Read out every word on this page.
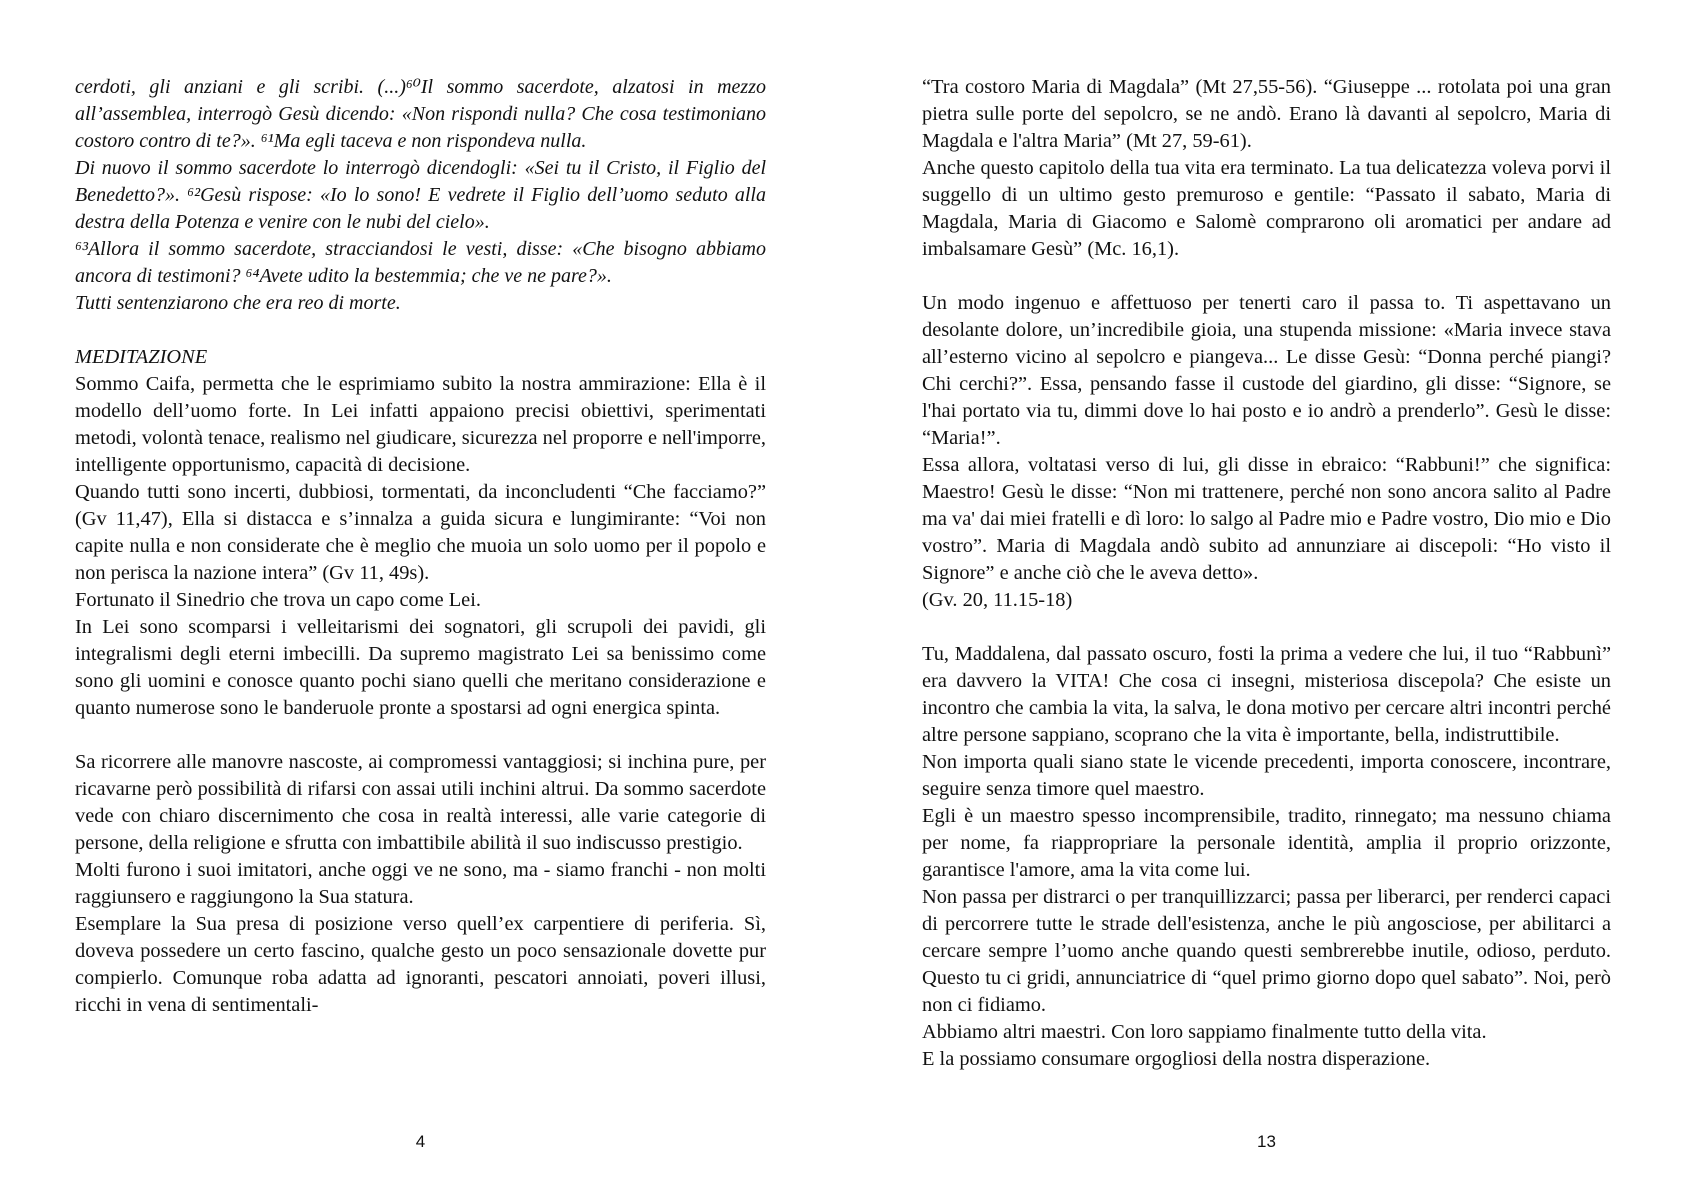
cerdoti, gli anziani e gli scribi. (...)⁶⁰Il sommo sacerdote, alzatosi in mezzo all’assemblea, interrogò Gesù dicendo: «Non rispondi nulla? Che cosa testimoniano costoro contro di te?». ⁶¹Ma egli taceva e non rispondeva nulla.

Di nuovo il sommo sacerdote lo interrogò dicendogli: «Sei tu il Cristo, il Figlio del Benedetto?». ⁶²Gesù rispose: «Io lo sono! E vedrete il Figlio dell’uomo seduto alla destra della Potenza e venire con le nubi del cielo».

⁶³Allora il sommo sacerdote, stracciandosi le vesti, disse: «Che bisogno abbiamo ancora di testimoni? ⁶⁴Avete udito la bestemmia; che ve ne pare?».

Tutti sentenziarono che era reo di morte.

MEDITAZIONE

Sommo Caifa, permetta che le esprimiamo subito la nostra ammirazione: Ella è il modello dell’uomo forte. In Lei infatti appaiono precisi obiettivi, sperimentati metodi, volontà tenace, realismo nel giudicare, sicurezza nel proporre e nell'imporre, intelligente opportunismo, capacità di decisione.

Quando tutti sono incerti, dubbiosi, tormentati, da inconcludenti “Che facciamo?” (Gv 11,47), Ella si distacca e s’innalza a guida sicura e lungimirante: “Voi non capite nulla e non considerate che è meglio che muoia un solo uomo per il popolo e non perisca la nazione intera” (Gv 11, 49s).

Fortunato il Sinedrio che trova un capo come Lei.

In Lei sono scomparsi i velleitarismi dei sognatori, gli scrupoli dei pavidi, gli integralismi degli eterni imbecilli. Da supremo magistrato Lei sa benissimo come sono gli uomini e conosce quanto pochi siano quelli che meritano considerazione e quanto numerose sono le banderuole pronte a spostarsi ad ogni energica spinta.

Sa ricorrere alle manovre nascoste, ai compromessi vantaggiosi; si inchina pure, per ricavarne però possibilità di rifarsi con assai utili inchini altrui. Da sommo sacerdote vede con chiaro discernimento che cosa in realtà interessi, alle varie categorie di persone, della religione e sfrutta con imbattibile abilità il suo indiscusso prestigio.

Molti furono i suoi imitatori, anche oggi ve ne sono, ma - siamo franchi - non molti raggiunsero e raggiungono la Sua statura.

Esemplare la Sua presa di posizione verso quell’ex carpentiere di periferia. Sì, doveva possedere un certo fascino, qualche gesto un poco sensazionale dovette pur compierlo. Comunque roba adatta ad ignoranti, pescatori annoiati, poveri illusi, ricchi in vena di sentimentali-

4

“Tra costoro Maria di Magdala” (Mt 27,55-56). “Giuseppe ... rotolata poi una gran pietra sulle porte del sepolcro, se ne andò. Erano là davanti al sepolcro, Maria di Magdala e l'altra Maria” (Mt 27, 59-61).

Anche questo capitolo della tua vita era terminato. La tua delicatezza voleva porvi il suggello di un ultimo gesto premuroso e gentile: “Passato il sabato, Maria di Magdala, Maria di Giacomo e Salomè comprarono oli aromatici per andare ad imbalsamare Gesù” (Mc. 16,1).

Un modo ingenuo e affettuoso per tenerti caro il passa to. Ti aspettavano un desolante dolore, un’incredibile gioia, una stupenda missione: «Maria invece stava all’esterno vicino al sepolcro e piangeva... Le disse Gesù: “Donna perché piangi? Chi cerchi?”. Essa, pensando fasse il custode del giardino, gli disse: “Signore, se l'hai portato via tu, dimmi dove lo hai posto e io andrò a prenderlo”. Gesù le disse: “Maria!”.

Essa allora, voltatasi verso di lui, gli disse in ebraico: “Rabbuni!” che significa: Maestro! Gesù le disse: “Non mi trattenere, perché non sono ancora salito al Padre ma va' dai miei fratelli e dì loro: lo salgo al Padre mio e Padre vostro, Dio mio e Dio vostro”. Maria di Magdala andò subito ad annunziare ai discepoli: “Ho visto il Signore” e anche ciò che le aveva detto».

(Gv. 20, 11.15-18)

Tu, Maddalena, dal passato oscuro, fosti la prima a vedere che lui, il tuo “Rabbunì” era davvero la VITA! Che cosa ci insegni, misteriosa discepola? Che esiste un incontro che cambia la vita, la salva, le dona motivo per cercare altri incontri perché altre persone sappiano, scoprano che la vita è importante, bella, indistruttibile.

Non importa quali siano state le vicende precedenti, importa conoscere, incontrare, seguire senza timore quel maestro.

Egli è un maestro spesso incomprensibile, tradito, rinnegato; ma nessuno chiama per nome, fa riappropriare la personale identità, amplia il proprio orizzonte, garantisce l'amore, ama la vita come lui.

Non passa per distrarci o per tranquillizzarci; passa per liberarci, per renderci capaci di percorrere tutte le strade dell'esistenza, anche le più angosciose, per abilitarci a cercare sempre l’uomo anche quando questi sembrerebbe inutile, odioso, perduto. Questo tu ci gridi, annunciatrice di “quel primo giorno dopo quel sabato”. Noi, però non ci fidiamo.

Abbiamo altri maestri. Con loro sappiamo finalmente tutto della vita.

E la possiamo consumare orgogliosi della nostra disperazione.

13
